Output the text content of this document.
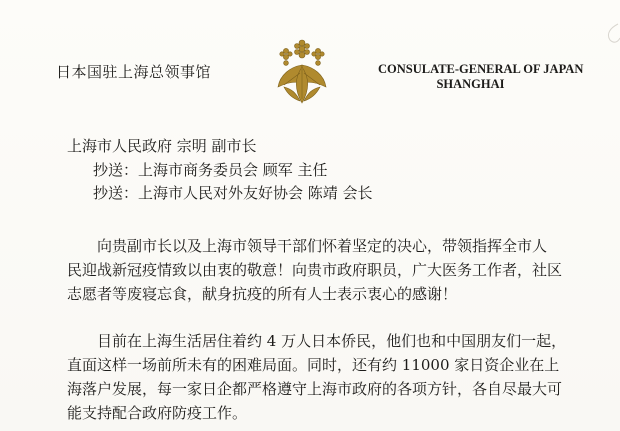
日本国驻上海总领事馆	CONSULATE-GENERAL OF JAPAN
SHANGHAI
上海市人民政府 宗明 副市长
抄送：上海市商务委员会 顾军 主任
抄送：上海市人民对外友好协会 陈靖 会长
向贵副市长以及上海市领导干部们怀着坚定的决心，带领指挥全市人
民迎战新冠疫情致以由衷的敬意！向贵市政府职员，广大医务工作者，社区
志愿者等废寝忘食，献身抗疫的所有人士表示衷心的感谢！
目前在上海生活居住着约 4 万人日本侨民，他们也和中国朋友们一起，
直面这样一场前所未有的困难局面。同时，还有约 11000 家日资企业在上
海落户发展，每一家日企都严格遵守上海市政府的各项方针，各自尽最大可
能支持配合政府防疫工作。
